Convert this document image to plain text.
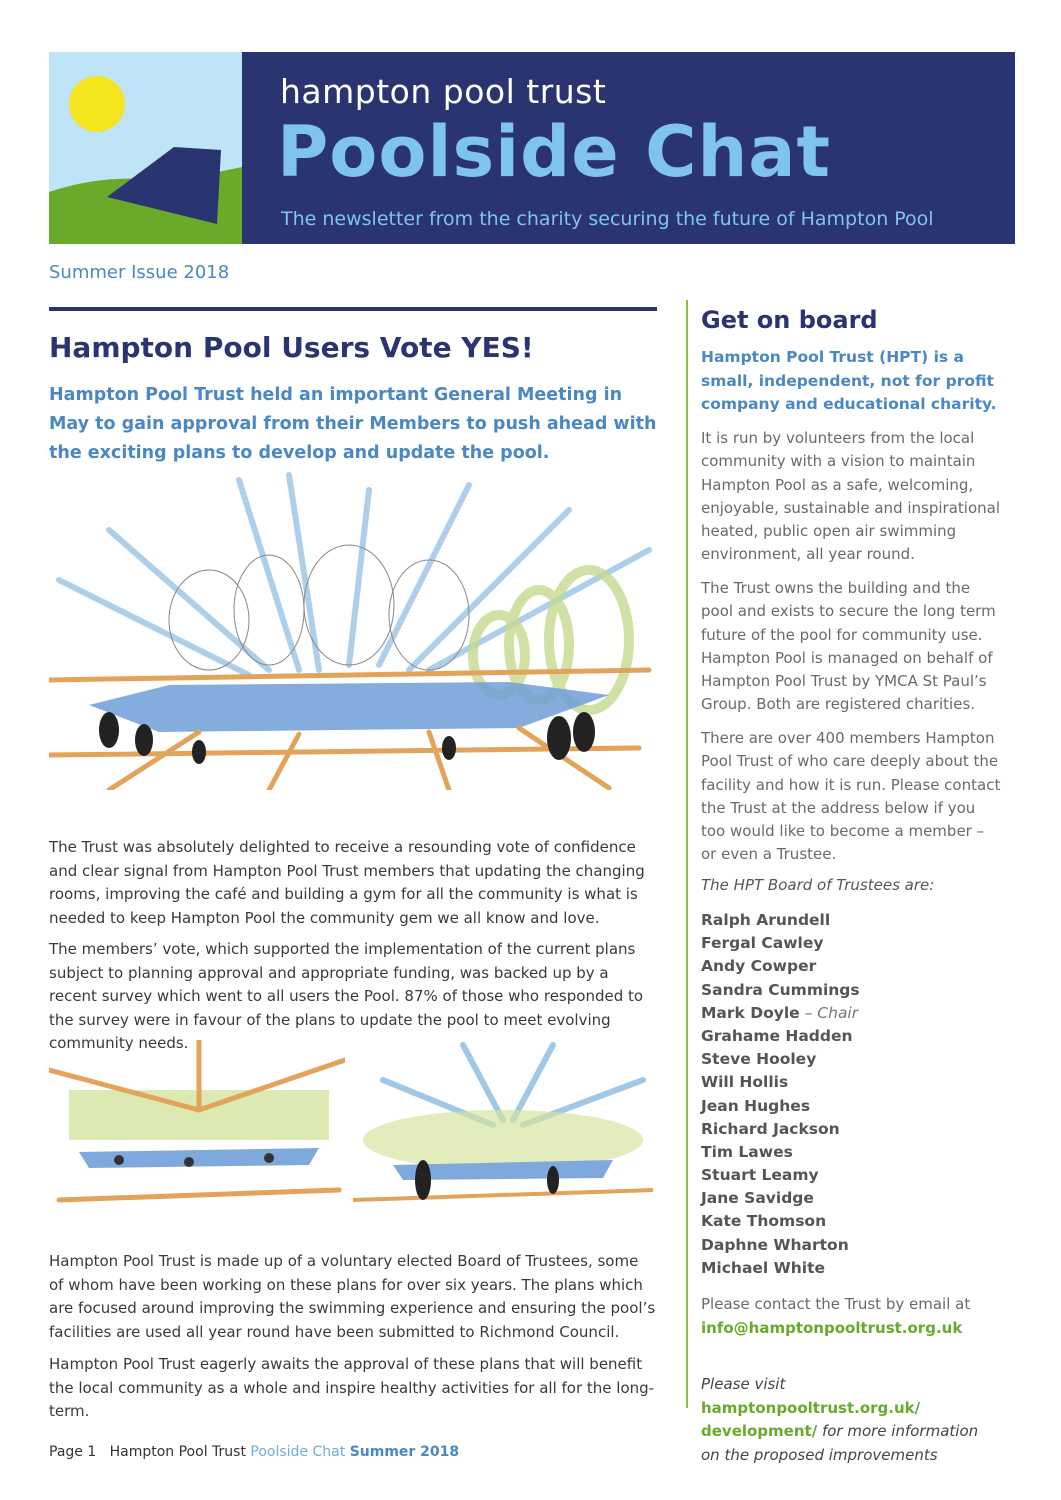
hampton pool trust
Poolside Chat
The newsletter from the charity securing the future of Hampton Pool
Summer Issue 2018
Hampton Pool Users Vote YES!

Hampton Pool Trust held an important General Meeting in May to gain approval from their Members to push ahead with the exciting plans to develop and update the pool.

The Trust was absolutely delighted to receive a resounding vote of confidence and clear signal from Hampton Pool Trust members that updating the changing rooms, improving the café and building a gym for all the community is what is needed to keep Hampton Pool the community gem we all know and love.

The members’ vote, which supported the implementation of the current plans subject to planning approval and appropriate funding, was backed up by a recent survey which went to all users the Pool. 87% of those who responded to the survey were in favour of the plans to update the pool to meet evolving community needs.

Hampton Pool Trust is made up of a voluntary elected Board of Trustees, some of whom have been working on these plans for over six years. The plans which are focused around improving the swimming experience and ensuring the pool’s facilities are used all year round have been submitted to Richmond Council.

Hampton Pool Trust eagerly awaits the approval of these plans that will benefit the local community as a whole and inspire healthy activities for all for the long-term.

Page 1 Hampton Pool Trust Poolside Chat Summer 2018
Get on board

Hampton Pool Trust (HPT) is a small, independent, not for profit company and educational charity.

It is run by volunteers from the local community with a vision to maintain Hampton Pool as a safe, welcoming, enjoyable, sustainable and inspirational heated, public open air swimming environment, all year round.

The Trust owns the building and the pool and exists to secure the long term future of the pool for community use. Hampton Pool is managed on behalf of Hampton Pool Trust by YMCA St Paul’s Group. Both are registered charities.

There are over 400 members Hampton Pool Trust of who care deeply about the facility and how it is run. Please contact the Trust at the address below if you too would like to become a member – or even a Trustee.

The HPT Board of Trustees are:
Ralph Arundell
Fergal Cawley
Andy Cowper
Sandra Cummings
Mark Doyle – Chair
Grahame Hadden
Steve Hooley
Will Hollis
Jean Hughes
Richard Jackson
Tim Lawes
Stuart Leamy
Jane Savidge
Kate Thomson
Daphne Wharton
Michael White
Please contact the Trust by email at
info@hamptonpooltrust.org.uk
Please visit hamptonpooltrust.org.uk/ development/ for more information on the proposed improvements
